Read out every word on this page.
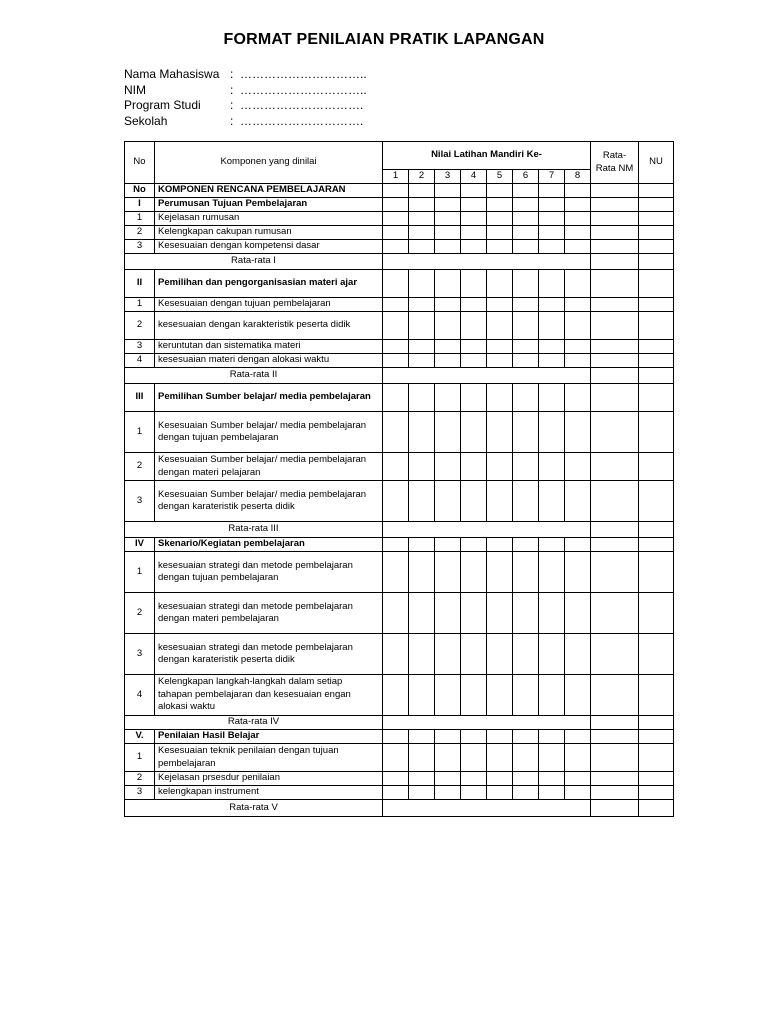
FORMAT PENILAIAN PRATIK LAPANGAN
Nama Mahasiswa : …………………………..
NIM	: …………………………..
Program Studi	: ………………………….
Sekolah	: ………………………….
No	Komponen yang dinilai	Nilai Latihan Mandiri Ke-								Rata-Rata NM	NU
		1	2	3	4	5	6	7	8		
No	KOMPONEN RENCANA PEMBELAJARAN										
I	Perumusan Tujuan Pembelajaran										
1	Kejelasan rumusan										
2	Kelengkapan cakupan rumusan										
3	Kesesuaian dengan kompetensi dasar										
Rata-rata I											
II	Pemilihan dan pengorganisasian materi ajar										
1	Kesesuaian dengan tujuan pembelajaran										
2	kesesuaian dengan karakteristik peserta didik										
3	keruntutan dan sistematika materi										
4	kesesuaian materi dengan alokasi waktu										
Rata-rata II											
III	Pemilihan Sumber belajar/ media pembelajaran										
1	Kesesuaian Sumber belajar/ media pembelajaran dengan tujuan pembelajaran										
2	Kesesuaian Sumber belajar/ media pembelajaran dengan materi pelajaran										
3	Kesesuaian Sumber belajar/ media pembelajaran dengan karateristik peserta didik										
Rata-rata III											
IV	Skenario/Kegiatan pembelajaran										
1	kesesuaian strategi dan metode pembelajaran dengan tujuan pembelajaran										
2	kesesuaian strategi dan metode pembelajaran dengan materi pembelajaran										
3	kesesuaian strategi dan metode pembelajaran dengan karateristik peserta didik										
4	Kelengkapan langkah-langkah dalam setiap tahapan pembelajaran dan kesesuaian engan alokasi waktu										
Rata-rata IV											
V.	Penilaian Hasil Belajar										
1	Kesesuaian teknik penilaian dengan tujuan pembelajaran										
2	Kejelasan prsesdur penilaian										
3	kelengkapan instrument										
Rata-rata V											
